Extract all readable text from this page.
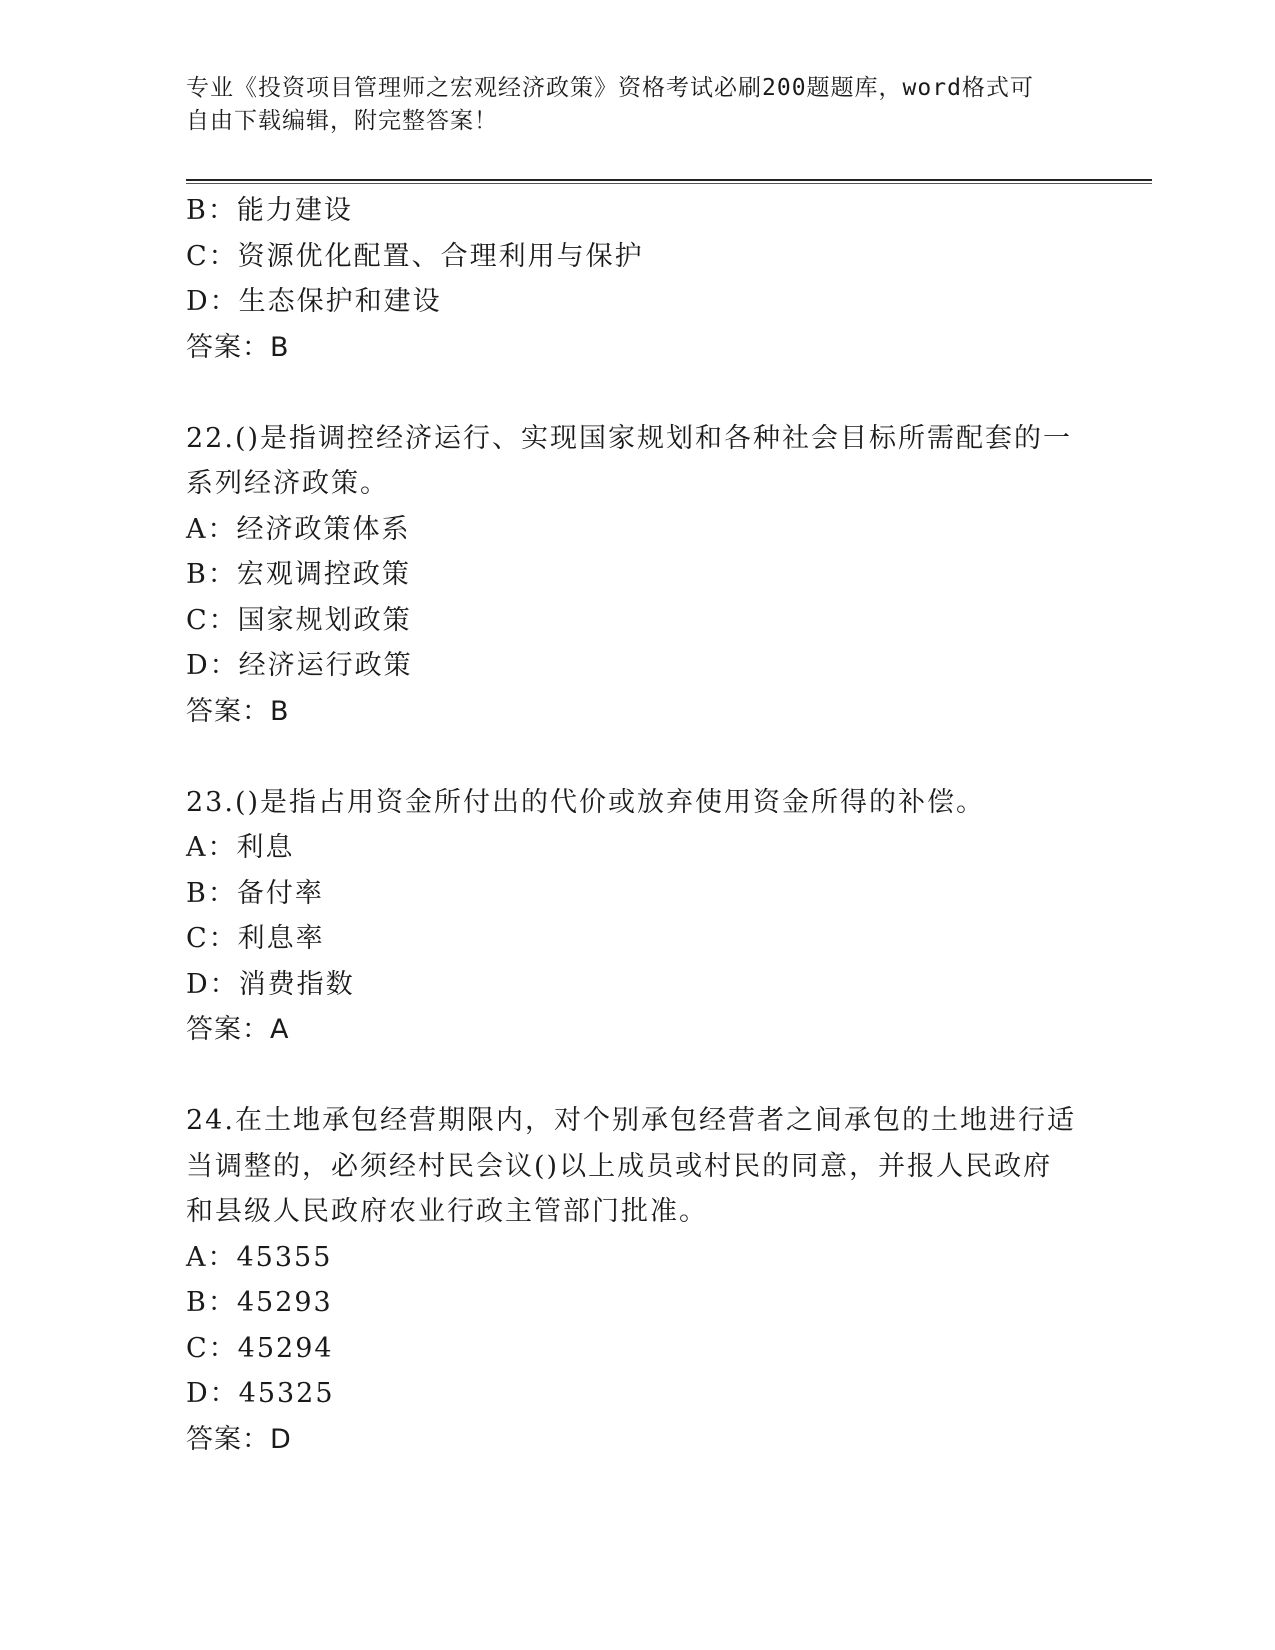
专业《投资项目管理师之宏观经济政策》资格考试必刷200题题库，word格式可
自由下载编辑，附完整答案！
B：能力建设
C：资源优化配置、合理利用与保护
D：生态保护和建设
答案：B
22.()是指调控经济运行、实现国家规划和各种社会目标所需配套的一
系列经济政策。
A：经济政策体系
B：宏观调控政策
C：国家规划政策
D：经济运行政策
答案：B
23.()是指占用资金所付出的代价或放弃使用资金所得的补偿。
A：利息
B：备付率
C：利息率
D：消费指数
答案：A
24.在土地承包经营期限内，对个别承包经营者之间承包的土地进行适
当调整的，必须经村民会议()以上成员或村民的同意，并报人民政府
和县级人民政府农业行政主管部门批准。
A：45355
B：45293
C：45294
D：45325
答案：D
